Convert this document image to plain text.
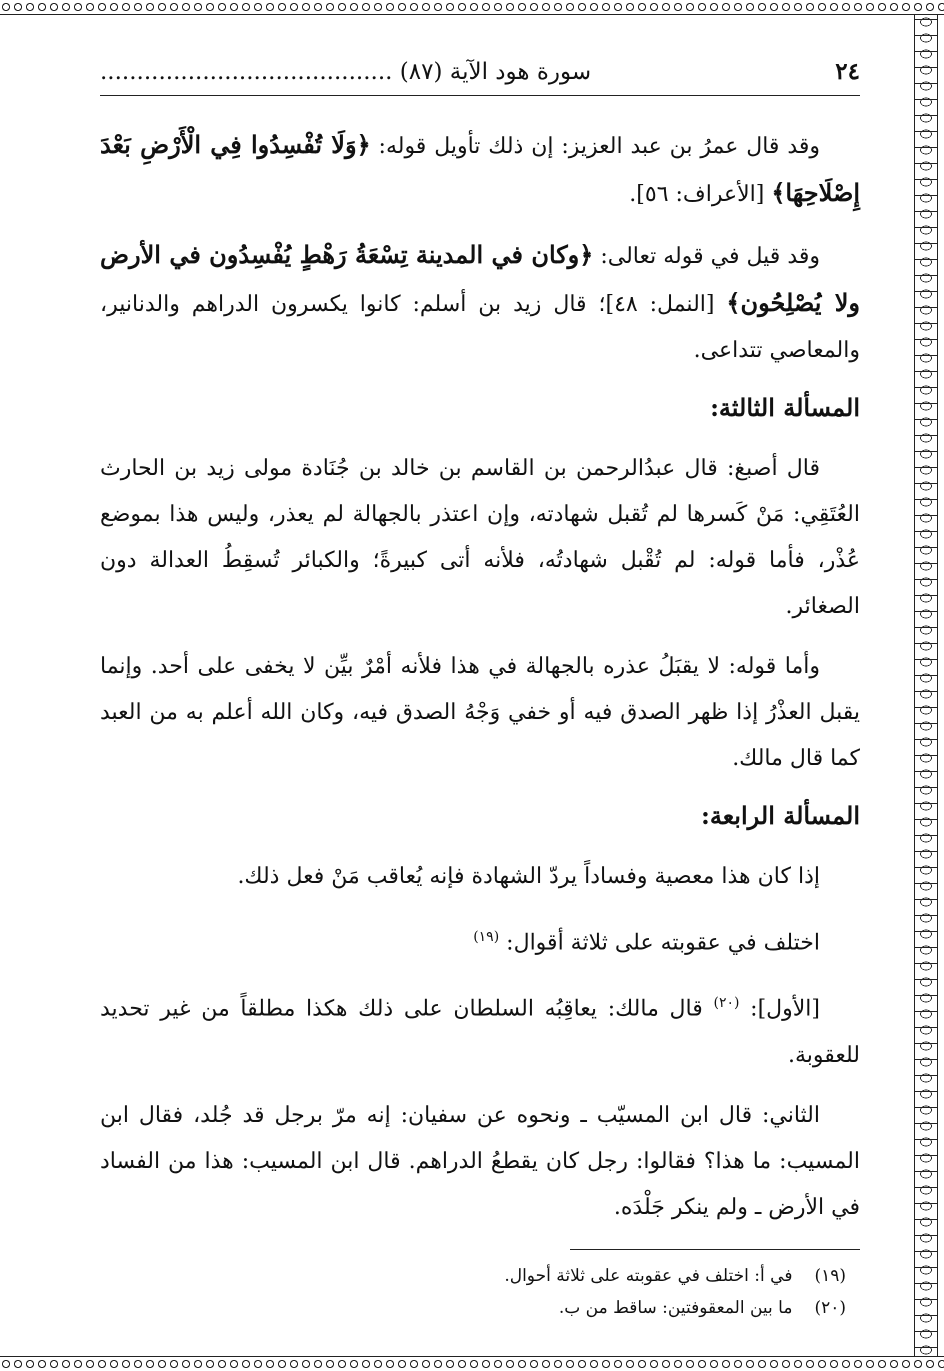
٢٤
سورة هود الآية (٨٧) ........................................

وقد قال عمرُ بن عبد العزيز: إن ذلك تأويل قوله: ﴿وَلَا تُفْسِدُوا فِي الْأَرْضِ بَعْدَ إِصْلَاحِهَا﴾ [الأعراف: ٥٦].

وقد قيل في قوله تعالى: ﴿وكان في المدينة تِسْعَةُ رَهْطٍ يُفْسِدُون في الأرض ولا يُصْلِحُون﴾ [النمل: ٤٨]؛ قال زيد بن أسلم: كانوا يكسرون الدراهم والدنانير، والمعاصي تتداعى.

المسألة الثالثة:

قال أصبغ: قال عبدُالرحمن بن القاسم بن خالد بن جُنَادة مولى زيد بن الحارث العُتَقِي: مَنْ كَسرها لم تُقبل شهادته، وإن اعتذر بالجهالة لم يعذر، وليس هذا بموضع عُذْر، فأما قوله: لم تُقْبل شهادتُه، فلأنه أتى كبيرةً؛ والكبائر تُسقِطُ العدالة دون الصغائر.

وأما قوله: لا يقبَلُ عذره بالجهالة في هذا فلأنه أمْرٌ بيِّن لا يخفى على أحد. وإنما يقبل العذْرُ إذا ظهر الصدق فيه أو خفي وَجْهُ الصدق فيه، وكان الله أعلم به من العبد كما قال مالك.

المسألة الرابعة:

إذا كان هذا معصية وفساداً يردّ الشهادة فإنه يُعاقب مَنْ فعل ذلك.

اختلف في عقوبته على ثلاثة أقوال: $^{(١٩)}$

[الأول]: $^{(٢٠)}$ قال مالك: يعاقِبُه السلطان على ذلك هكذا مطلقاً من غير تحديد للعقوبة.

الثاني: قال ابن المسيّب ـ ونحوه عن سفيان: إنه مرّ برجل قد جُلد، فقال ابن المسيب: ما هذا؟ فقالوا: رجل كان يقطعُ الدراهم. قال ابن المسيب: هذا من الفساد في الأرض ـ ولم ينكر جَلْدَه.

(١٩)
في أ: اختلف في عقوبته على ثلاثة أحوال.
(٢٠)
ما بين المعقوفتين: ساقط من ب.
